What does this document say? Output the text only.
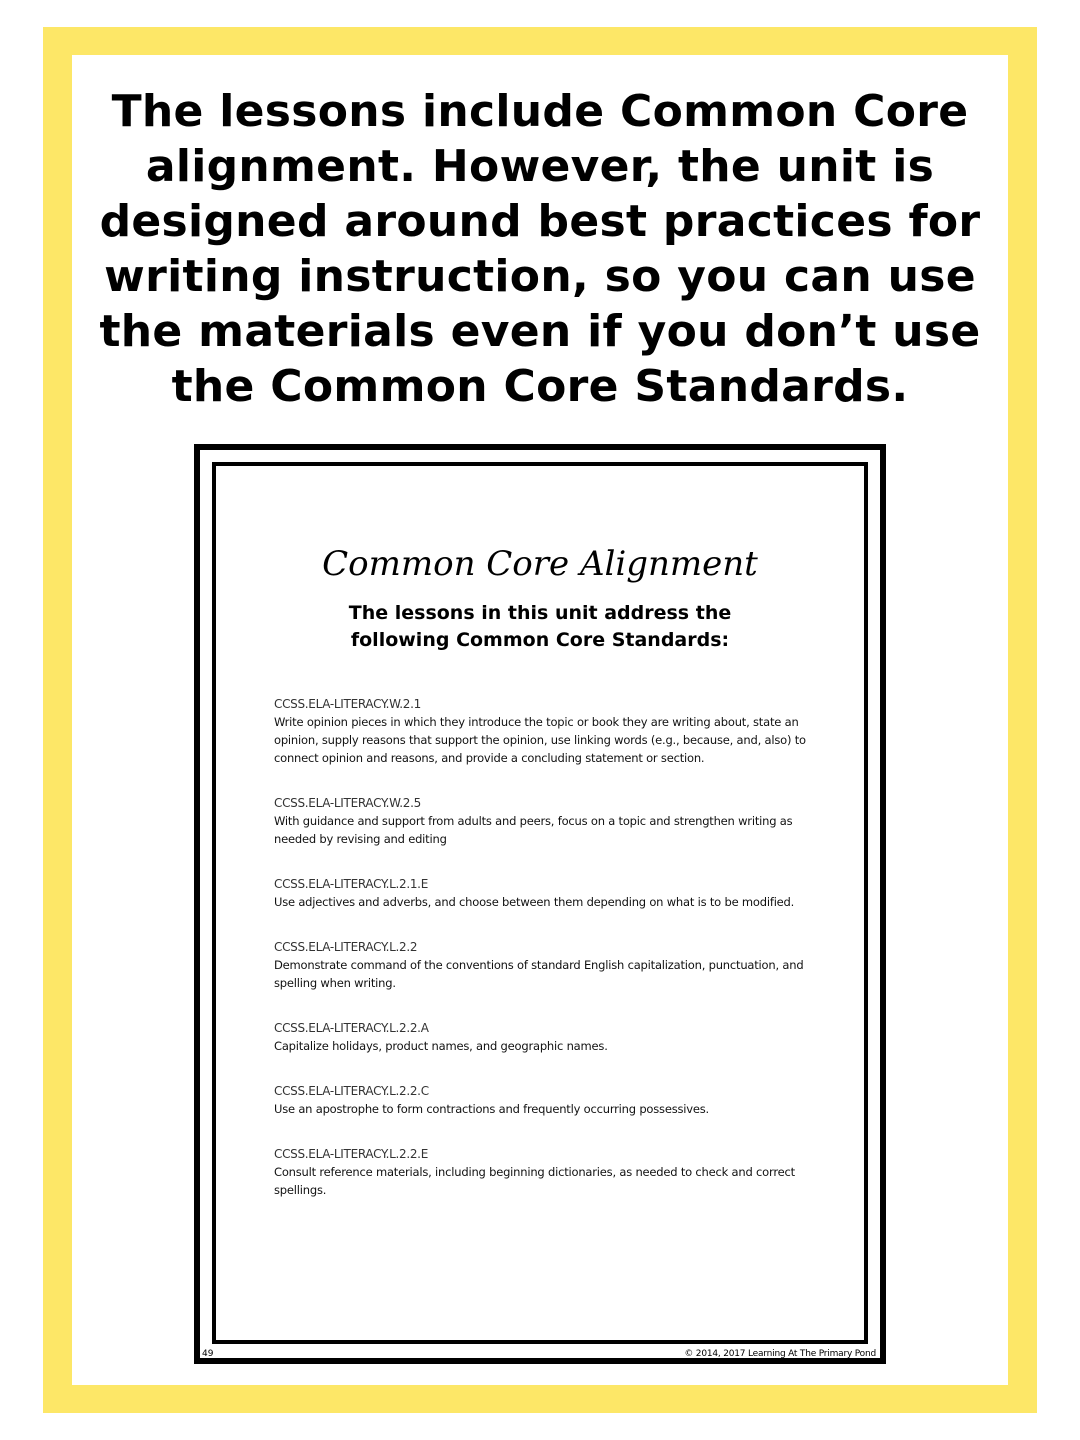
The lessons include Common Core
alignment. However, the unit is
designed around best practices for
writing instruction, so you can use
the materials even if you don’t use
the Common Core Standards.
Common Core Alignment
The lessons in this unit address the
following Common Core Standards:
CCSS.ELA-LITERACY.W.2.1
Write opinion pieces in which they introduce the topic or book they are writing about, state an opinion, supply reasons that support the opinion, use linking words (e.g., because, and, also) to connect opinion and reasons, and provide a concluding statement or section.
CCSS.ELA-LITERACY.W.2.5
With guidance and support from adults and peers, focus on a topic and strengthen writing as needed by revising and editing
CCSS.ELA-LITERACY.L.2.1.E
Use adjectives and adverbs, and choose between them depending on what is to be modified.
CCSS.ELA-LITERACY.L.2.2
Demonstrate command of the conventions of standard English capitalization, punctuation, and spelling when writing.
CCSS.ELA-LITERACY.L.2.2.A
Capitalize holidays, product names, and geographic names.
CCSS.ELA-LITERACY.L.2.2.C
Use an apostrophe to form contractions and frequently occurring possessives.
CCSS.ELA-LITERACY.L.2.2.E
Consult reference materials, including beginning dictionaries, as needed to check and correct spellings.
49	© 2014, 2017 Learning At The Primary Pond
